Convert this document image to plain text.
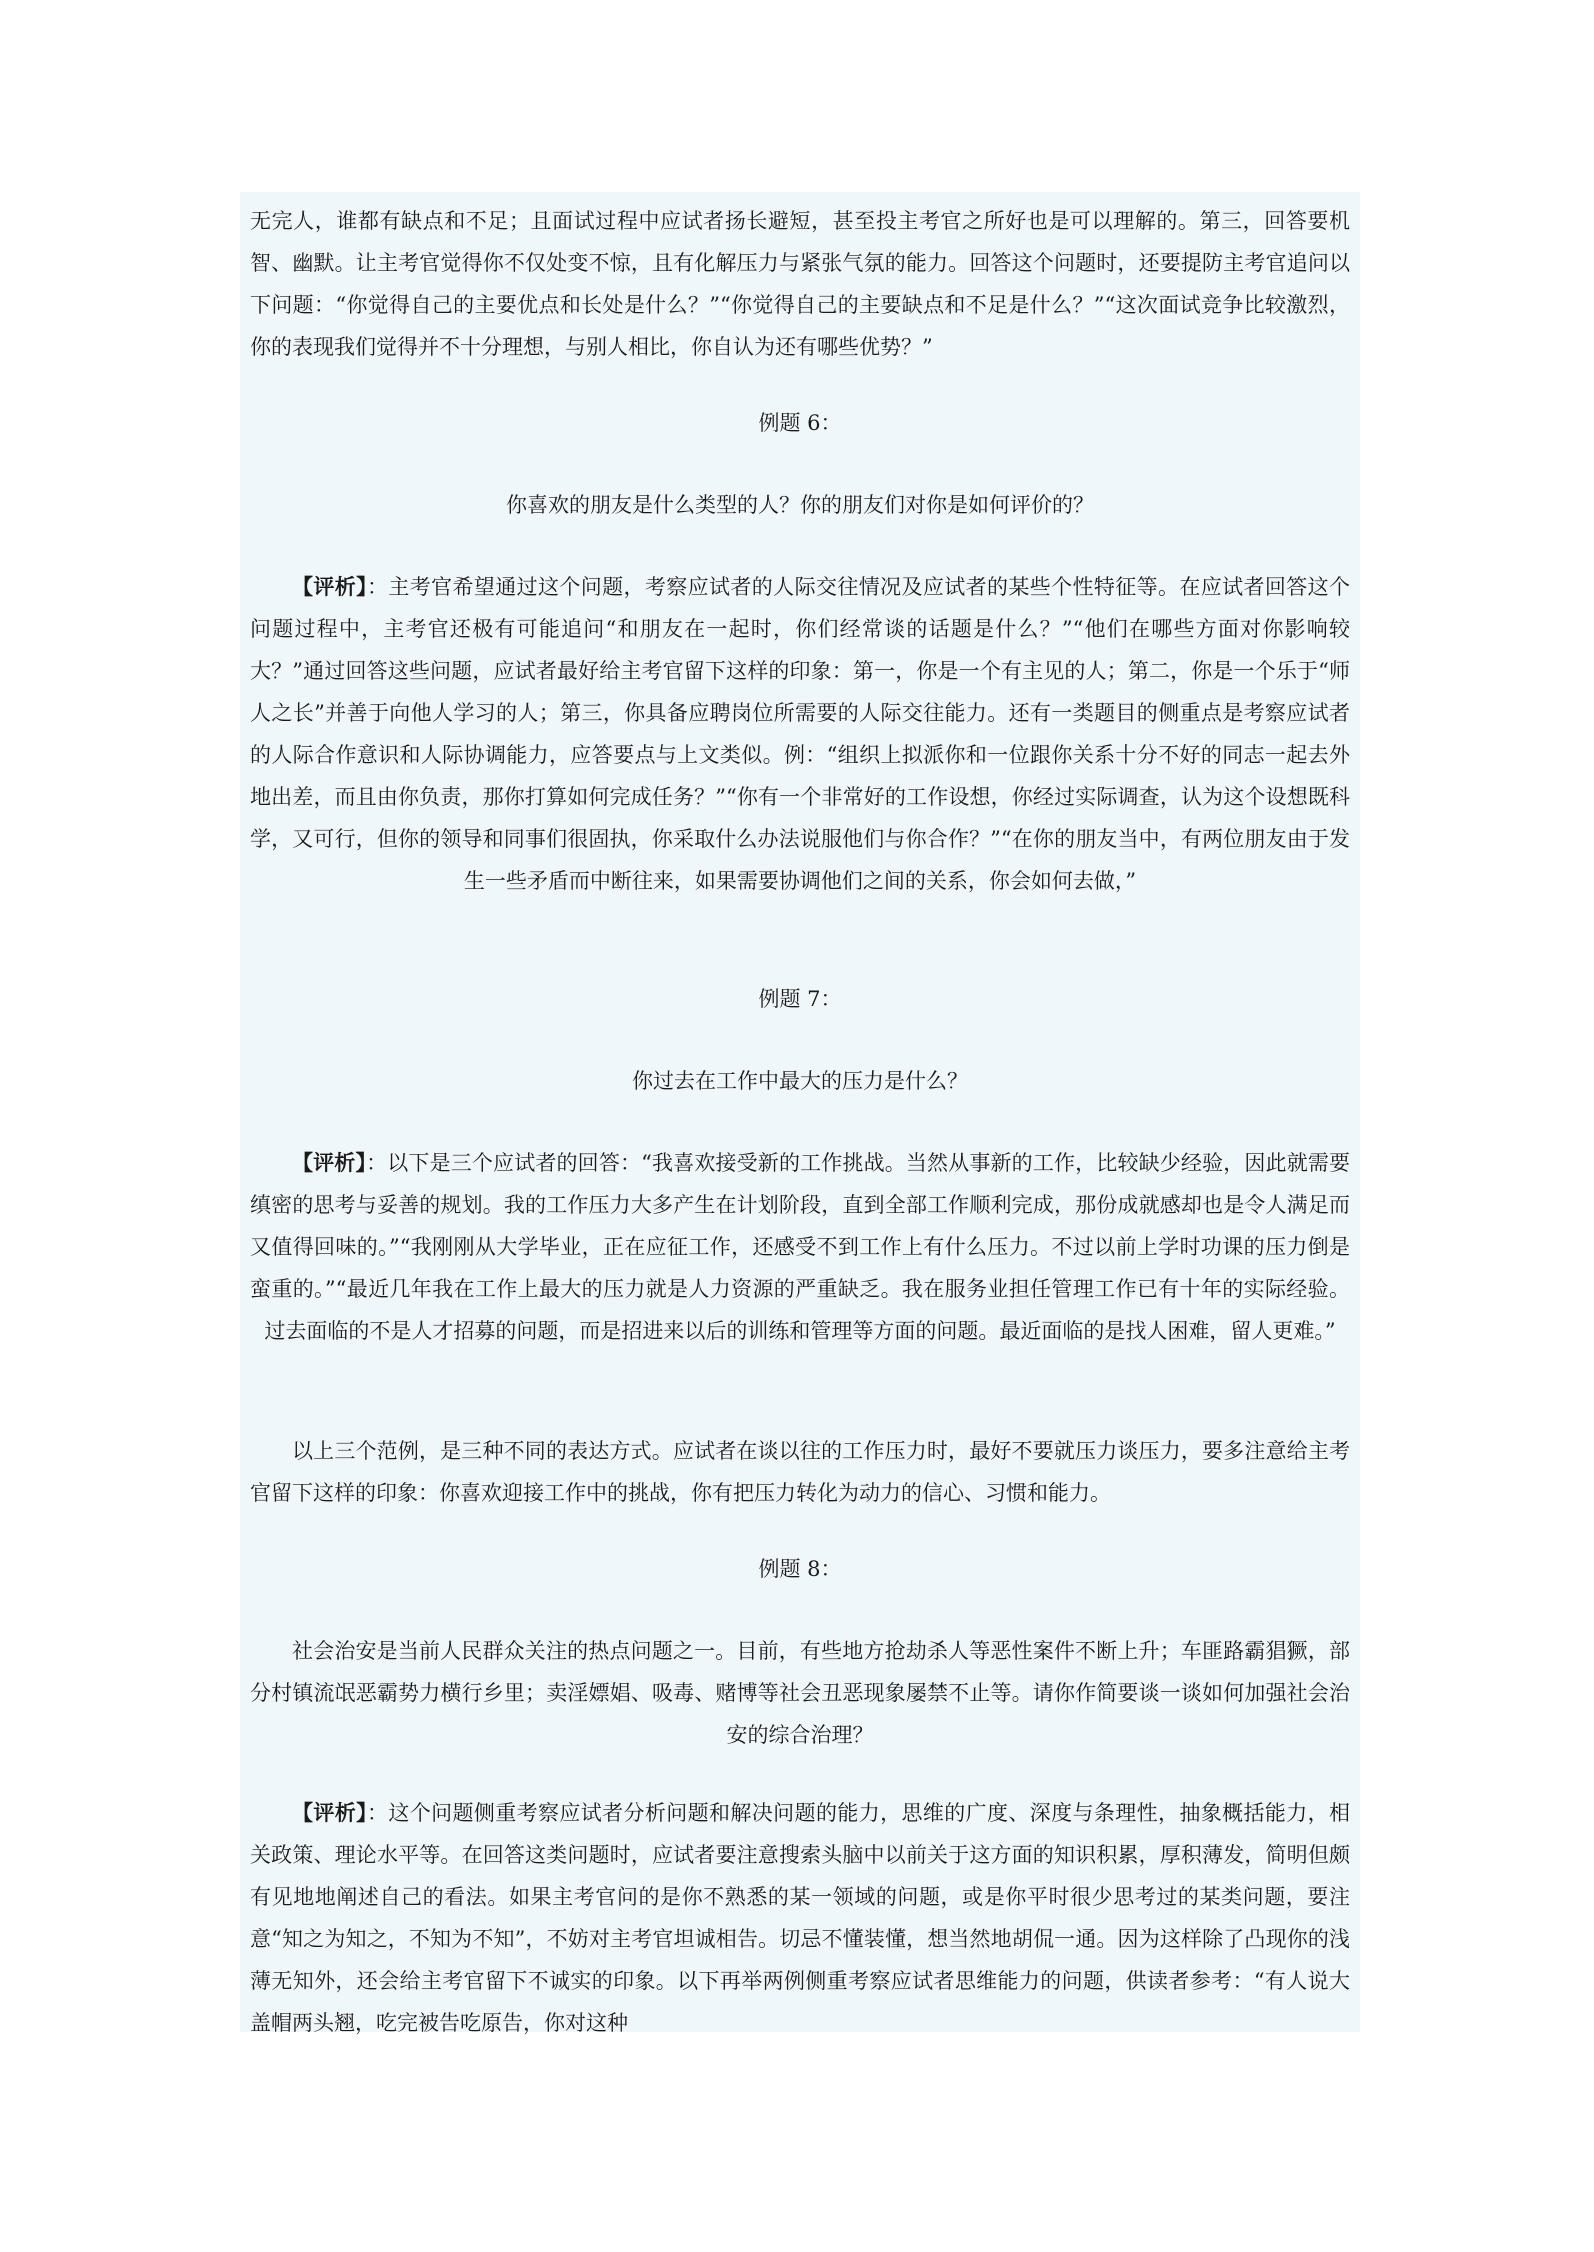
无完人，谁都有缺点和不足；且面试过程中应试者扬长避短，甚至投主考官之所好也是可以理解的。第三，回答要机智、幽默。让主考官觉得你不仅处变不惊，且有化解压力与紧张气氛的能力。回答这个问题时，还要提防主考官追问以下问题：“你觉得自己的主要优点和长处是什么？”“你觉得自己的主要缺点和不足是什么？”“这次面试竞争比较激烈，你的表现我们觉得并不十分理想，与别人相比，你自认为还有哪些优势？”

例题 6：

你喜欢的朋友是什么类型的人？你的朋友们对你是如何评价的？

【评析】：主考官希望通过这个问题，考察应试者的人际交往情况及应试者的某些个性特征等。在应试者回答这个问题过程中，主考官还极有可能追问“和朋友在一起时，你们经常谈的话题是什么？”“他们在哪些方面对你影响较大？”通过回答这些问题，应试者最好给主考官留下这样的印象：第一，你是一个有主见的人；第二，你是一个乐于“师人之长”并善于向他人学习的人；第三，你具备应聘岗位所需要的人际交往能力。还有一类题目的侧重点是考察应试者的人际合作意识和人际协调能力，应答要点与上文类似。例：“组织上拟派你和一位跟你关系十分不好的同志一起去外地出差，而且由你负责，那你打算如何完成任务？”“你有一个非常好的工作设想，你经过实际调查，认为这个设想既科学，又可行，但你的领导和同事们很固执，你采取什么办法说服他们与你合作？”“在你的朋友当中，有两位朋友由于发生一些矛盾而中断往来，如果需要协调他们之间的关系，你会如何去做，”

例题 7：

你过去在工作中最大的压力是什么？

【评析】：以下是三个应试者的回答：“我喜欢接受新的工作挑战。当然从事新的工作，比较缺少经验，因此就需要缜密的思考与妥善的规划。我的工作压力大多产生在计划阶段，直到全部工作顺利完成，那份成就感却也是令人满足而又值得回味的。”“我刚刚从大学毕业，正在应征工作，还感受不到工作上有什么压力。不过以前上学时功课的压力倒是蛮重的。”“最近几年我在工作上最大的压力就是人力资源的严重缺乏。我在服务业担任管理工作已有十年的实际经验。过去面临的不是人才招募的问题，而是招进来以后的训练和管理等方面的问题。最近面临的是找人困难，留人更难。”

以上三个范例，是三种不同的表达方式。应试者在谈以往的工作压力时，最好不要就压力谈压力，要多注意给主考官留下这样的印象：你喜欢迎接工作中的挑战，你有把压力转化为动力的信心、习惯和能力。

例题 8：

社会治安是当前人民群众关注的热点问题之一。目前，有些地方抢劫杀人等恶性案件不断上升；车匪路霸猖獗，部分村镇流氓恶霸势力横行乡里；卖淫嫖娼、吸毒、赌博等社会丑恶现象屡禁不止等。请你作简要谈一谈如何加强社会治安的综合治理？

【评析】：这个问题侧重考察应试者分析问题和解决问题的能力，思维的广度、深度与条理性，抽象概括能力，相关政策、理论水平等。在回答这类问题时，应试者要注意搜索头脑中以前关于这方面的知识积累，厚积薄发，简明但颇有见地地阐述自己的看法。如果主考官问的是你不熟悉的某一领域的问题，或是你平时很少思考过的某类问题，要注意“知之为知之，不知为不知”，不妨对主考官坦诚相告。切忌不懂装懂，想当然地胡侃一通。因为这样除了凸现你的浅薄无知外，还会给主考官留下不诚实的印象。以下再举两例侧重考察应试者思维能力的问题，供读者参考：“有人说大盖帽两头翘，吃完被告吃原告，你对这种
